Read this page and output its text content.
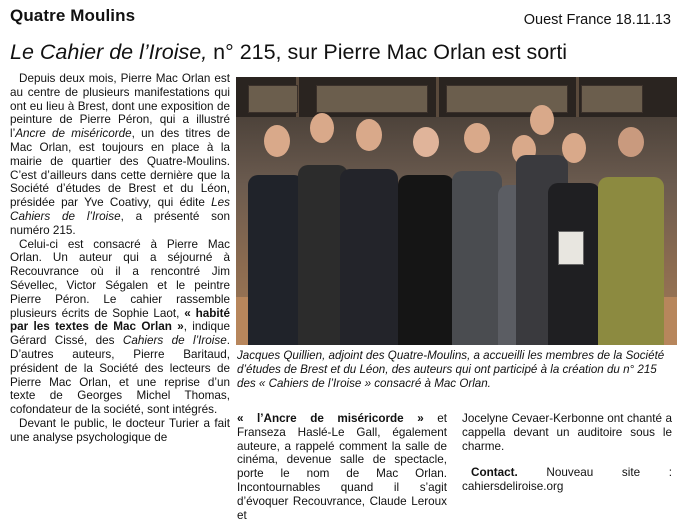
Quatre Moulins	Ouest France 18.11.13
Le Cahier de l’Iroise, n° 215, sur Pierre Mac Orlan est sorti

Depuis deux mois, Pierre Mac Orlan est au centre de plusieurs manifestations qui ont eu lieu à Brest, dont une exposition de peinture de Pierre Péron, qui a illustré l’Ancre de miséricorde, un des titres de Mac Orlan, est toujours en place à la mairie de quartier des Quatre-Moulins. C’est d’ailleurs dans cette dernière que la Société d’études de Brest et du Léon, présidée par Yve Coativy, qui édite Les Cahiers de l’Iroise, a présenté son numéro 215.

Celui-ci est consacré à Pierre Mac Orlan. Un auteur qui a séjourné à Recouvrance où il a rencontré Jim Sévellec, Victor Ségalen et le peintre Pierre Péron. Le cahier rassemble plusieurs écrits de Sophie Laot, « habité par les textes de Mac Orlan », indique Gérard Cissé, des Cahiers de l’Iroise. D’autres auteurs, Pierre Baritaud, président de la Société des lecteurs de Pierre Mac Orlan, et une reprise d’un texte de Georges Michel Thomas, cofondateur de la société, sont intégrés.

Devant le public, le docteur Turier a fait une analyse psychologique de

Jacques Quillien, adjoint des Quatre-Moulins, a accueilli les membres de la Société d’études de Brest et du Léon, des auteurs qui ont participé à la création du n° 215 des « Cahiers de l’Iroise » consacré à Mac Orlan.

« l’Ancre de miséricorde » et Franseza Haslé-Le Gall, également auteure, a rappelé comment la salle de cinéma, devenue salle de spectacle, porte le nom de Mac Orlan. Incontournables quand il s’agit d’évoquer Recouvrance, Claude Leroux et

Jocelyne Cevaer-Kerbonne ont chanté a cappella devant un auditoire sous le charme.

Contact. Nouveau site : cahiersdeliroise.org
